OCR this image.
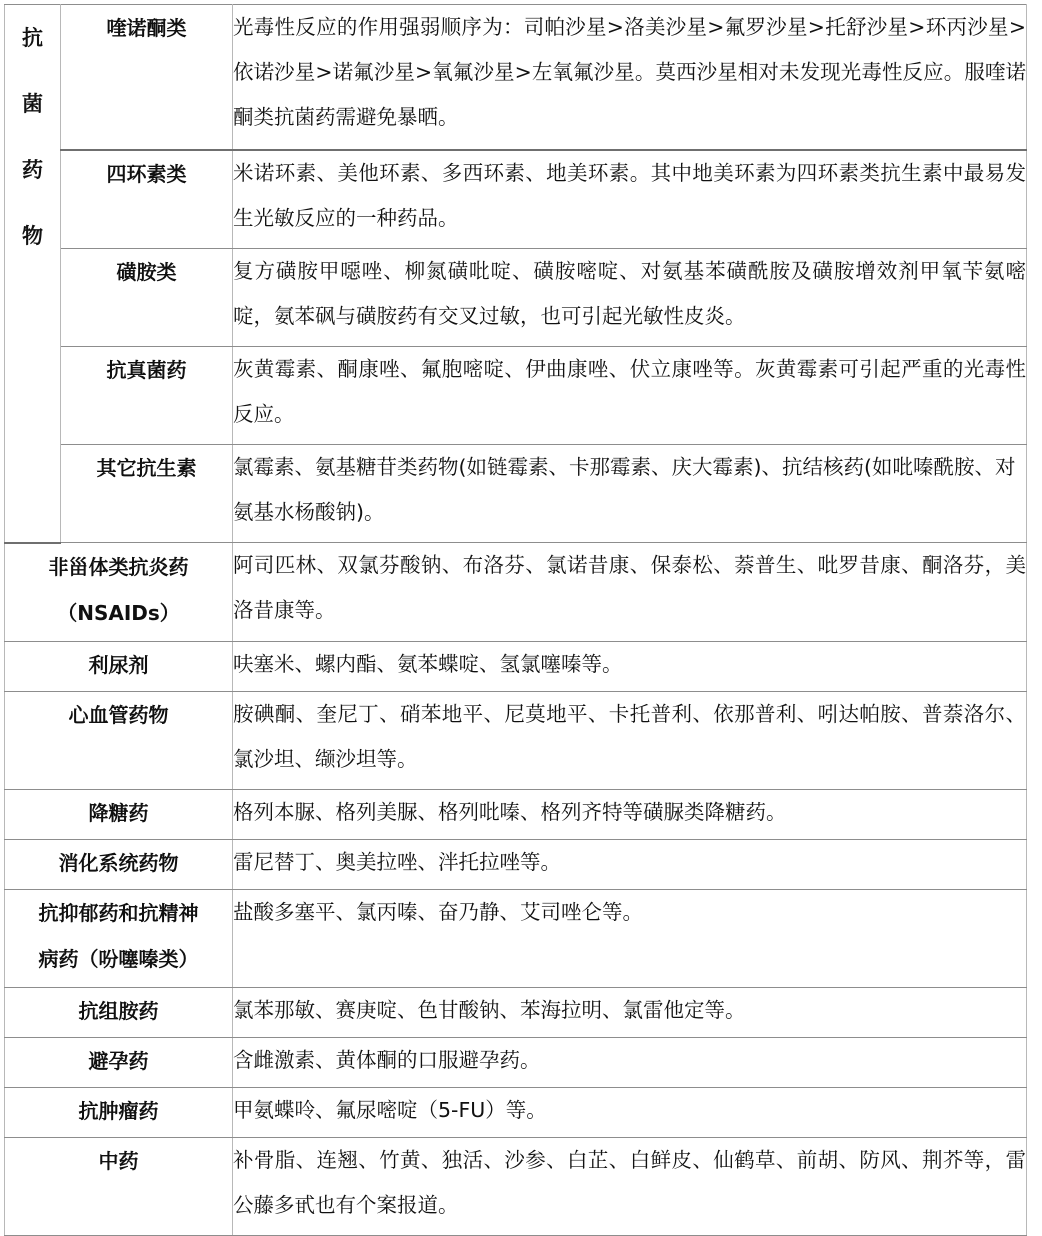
抗
菌
药
物	喹诺酮类	光毒性反应的作用强弱顺序为：司帕沙星>洛美沙星>氟罗沙星>托舒沙星>环丙沙星>依诺沙星>诺氟沙星>氧氟沙星>左氧氟沙星。莫西沙星相对未发现光毒性反应。服喹诺酮类抗菌药需避免暴晒。

	四环素类	米诺环素、美他环素、多西环素、地美环素。其中地美环素为四环素类抗生素中最易发生光敏反应的一种药品。

	磺胺类	复方磺胺甲噁唑、柳氮磺吡啶、磺胺嘧啶、对氨基苯磺酰胺及磺胺增效剂甲氧苄氨嘧啶，氨苯砜与磺胺药有交叉过敏，也可引起光敏性皮炎。

	抗真菌药	灰黄霉素、酮康唑、氟胞嘧啶、伊曲康唑、伏立康唑等。灰黄霉素可引起严重的光毒性反应。

	其它抗生素	氯霉素、氨基糖苷类药物(如链霉素、卡那霉素、庆大霉素)、抗结核药(如吡嗪酰胺、对氨基水杨酸钠)。

非甾体类抗炎药
（NSAIDs）		阿司匹林、双氯芬酸钠、布洛芬、氯诺昔康、保泰松、萘普生、吡罗昔康、酮洛芬，美洛昔康等。

利尿剂		呋塞米、螺内酯、氨苯蝶啶、氢氯噻嗪等。

心血管药物		胺碘酮、奎尼丁、硝苯地平、尼莫地平、卡托普利、依那普利、吲达帕胺、普萘洛尔、氯沙坦、缬沙坦等。

降糖药		格列本脲、格列美脲、格列吡嗪、格列齐特等磺脲类降糖药。

消化系统药物		雷尼替丁、奥美拉唑、泮托拉唑等。

抗抑郁药和抗精神
病药（吩噻嗪类）		盐酸多塞平、氯丙嗪、奋乃静、艾司唑仑等。

抗组胺药		氯苯那敏、赛庚啶、色甘酸钠、苯海拉明、氯雷他定等。

避孕药		含雌激素、黄体酮的口服避孕药。

抗肿瘤药		甲氨蝶呤、氟尿嘧啶（5-FU）等。

中药		补骨脂、连翘、竹黄、独活、沙参、白芷、白鲜皮、仙鹤草、前胡、防风、荆芥等，雷公藤多甙也有个案报道。
